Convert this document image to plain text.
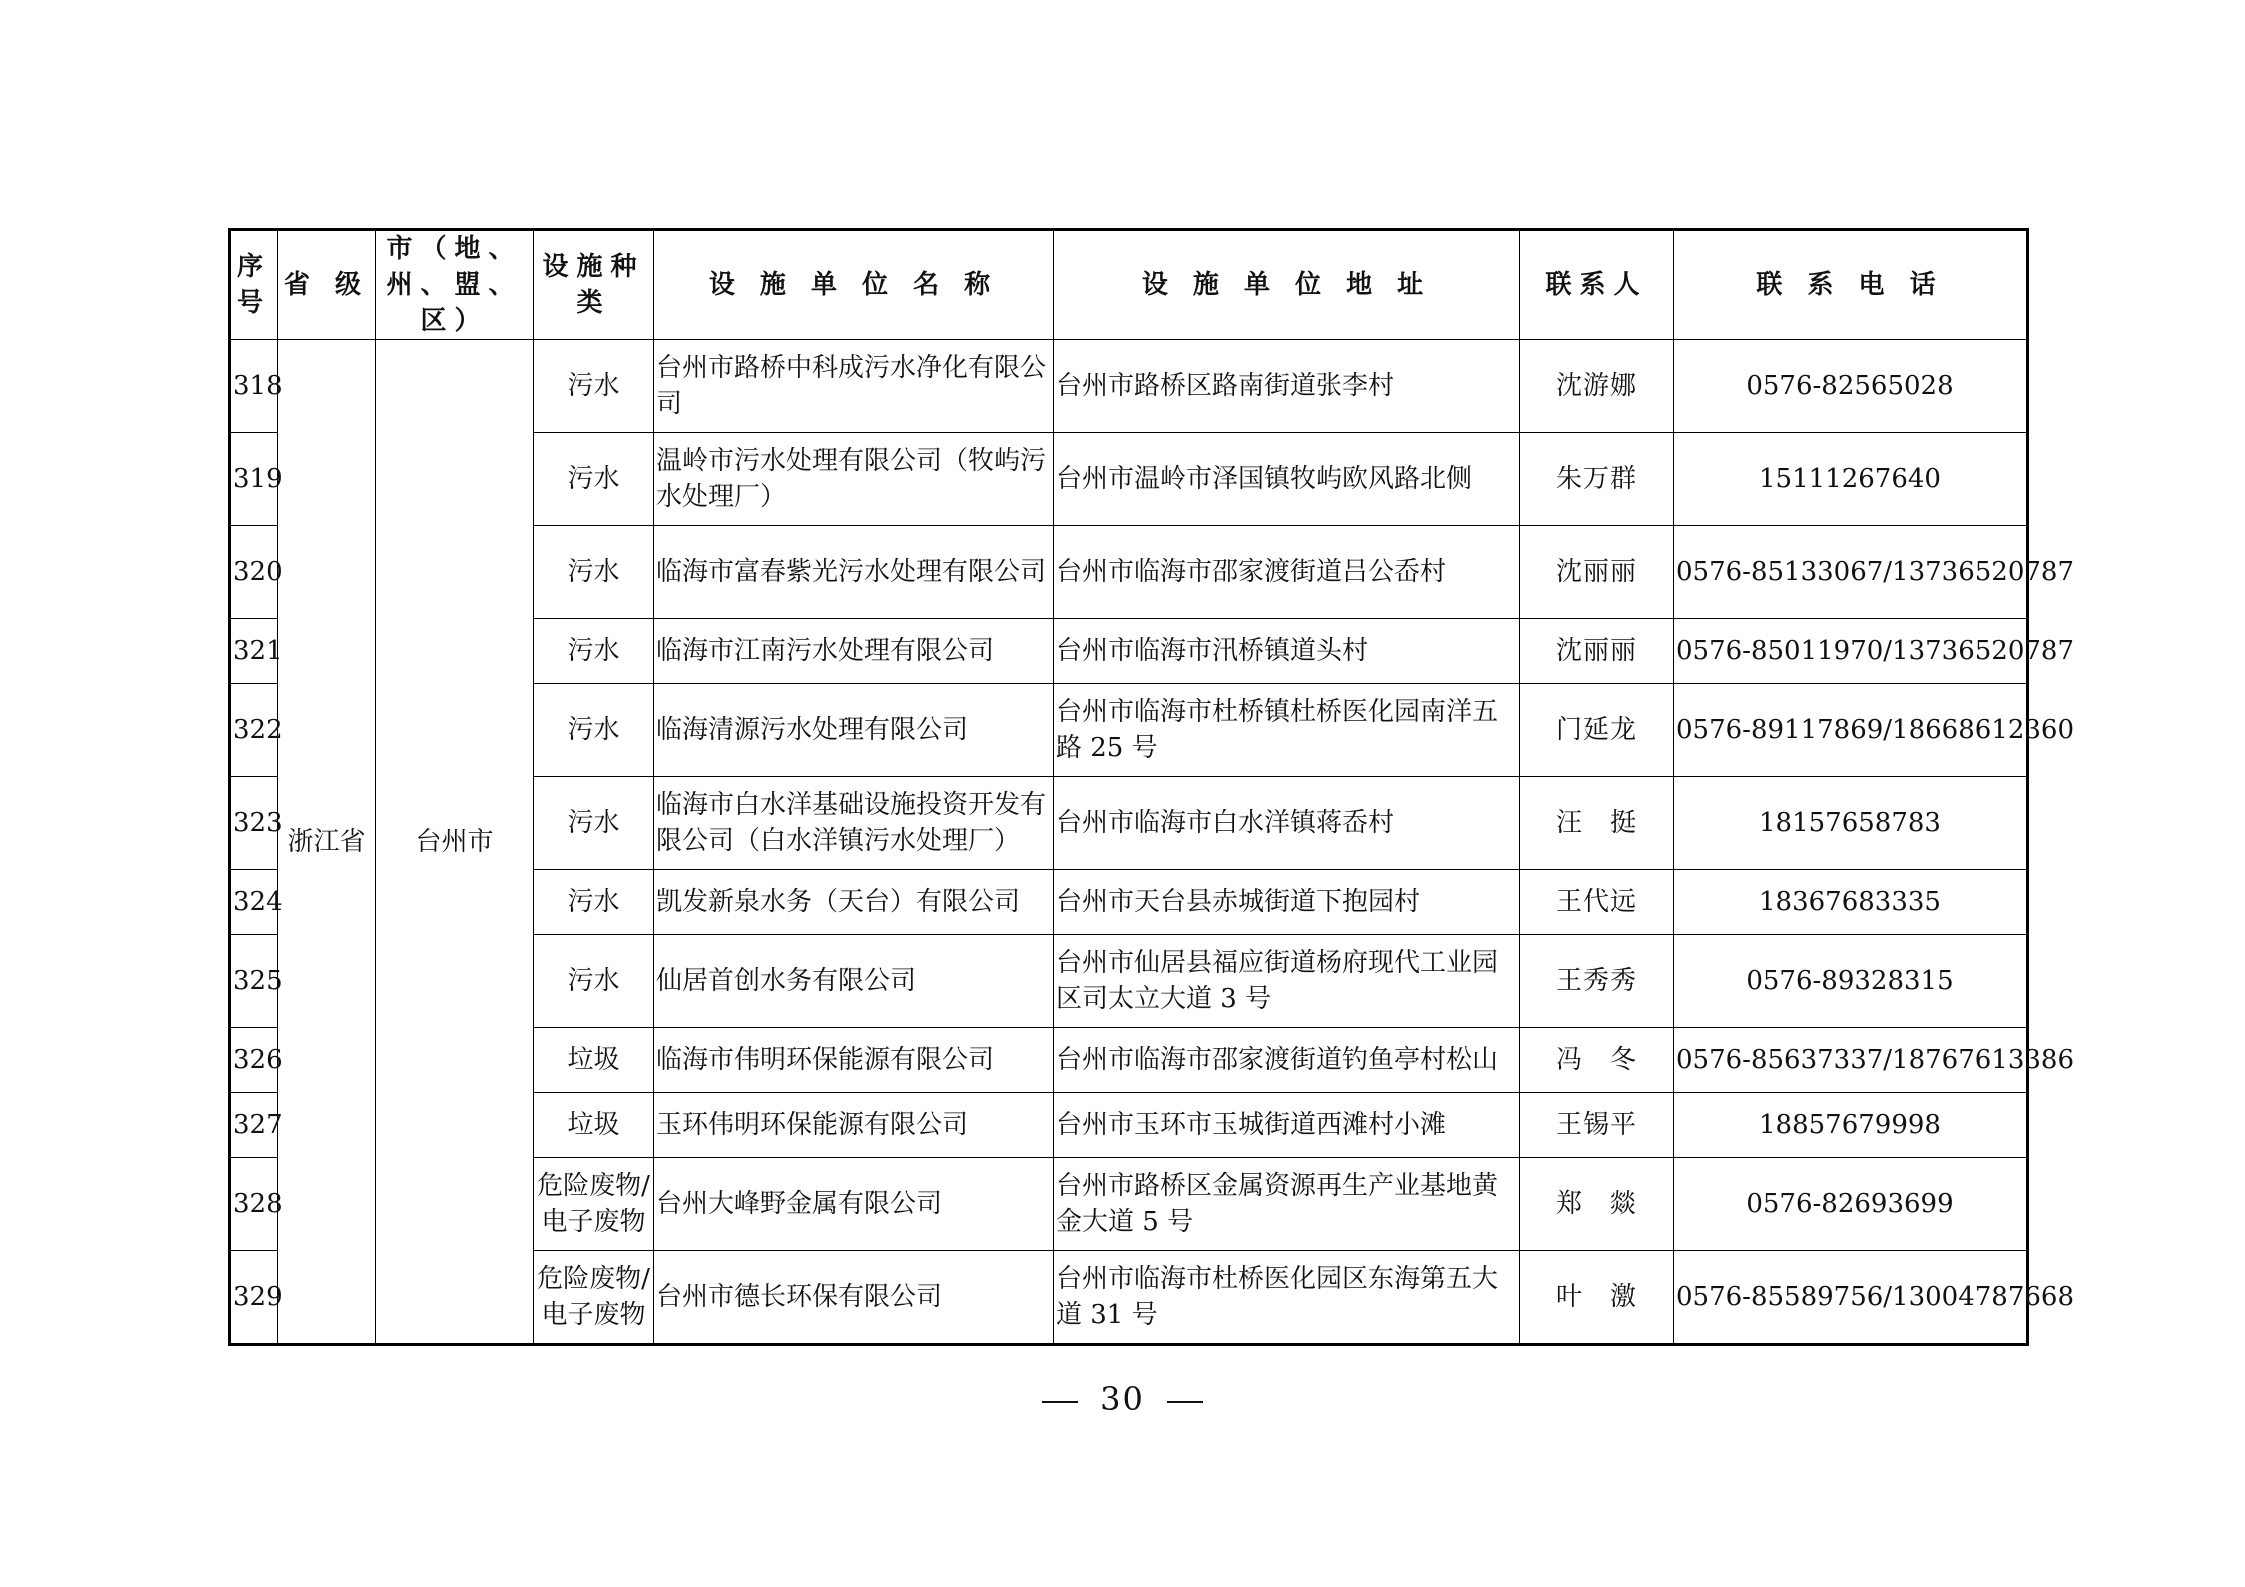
序号	省 级	市（地、州、盟、区）	设施种类	设 施 单 位 名 称	设 施 单 位 地 址	联系人	联 系 电 话
318	浙江省	台州市	污水	台州市路桥中科成污水净化有限公司	台州市路桥区路南街道张李村	沈游娜	0576-82565028
319			污水	温岭市污水处理有限公司（牧屿污水处理厂）	台州市温岭市泽国镇牧屿欧风路北侧	朱万群	15111267640
320			污水	临海市富春紫光污水处理有限公司	台州市临海市邵家渡街道吕公岙村	沈丽丽	0576-85133067/13736520787
321			污水	临海市江南污水处理有限公司	台州市临海市汛桥镇道头村	沈丽丽	0576-85011970/13736520787
322			污水	临海清源污水处理有限公司	台州市临海市杜桥镇杜桥医化园南洋五路 25 号	门延龙	0576-89117869/18668612360
323			污水	临海市白水洋基础设施投资开发有限公司（白水洋镇污水处理厂）	台州市临海市白水洋镇蒋岙村	汪　挺	18157658783
324			污水	凯发新泉水务（天台）有限公司	台州市天台县赤城街道下抱园村	王代远	18367683335
325			污水	仙居首创水务有限公司	台州市仙居县福应街道杨府现代工业园区司太立大道 3 号	王秀秀	0576-89328315
326			垃圾	临海市伟明环保能源有限公司	台州市临海市邵家渡街道钓鱼亭村松山	冯　冬	0576-85637337/18767613386
327			垃圾	玉环伟明环保能源有限公司	台州市玉环市玉城街道西滩村小滩	王锡平	18857679998
328			危险废物/电子废物	台州大峰野金属有限公司	台州市路桥区金属资源再生产业基地黄金大道 5 号	郑　燚	0576-82693699
329			危险废物/电子废物	台州市德长环保有限公司	台州市临海市杜桥医化园区东海第五大道 31 号	叶　激	0576-85589756/13004787668
30
